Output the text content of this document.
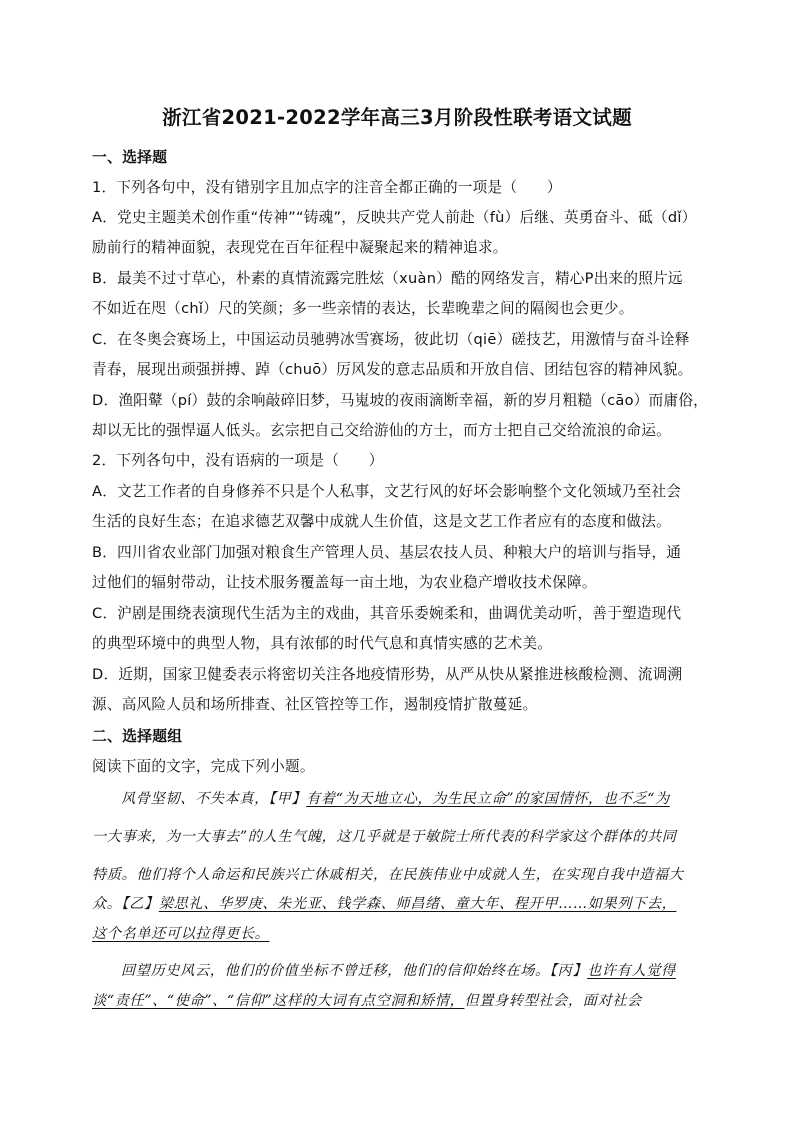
浙江省2021-2022学年高三3月阶段性联考语文试题
一、选择题
1．下列各句中，没有错别字且加点字的注音全都正确的一项是（　　）
A．党史主题美术创作重“传神”“铸魂”，反映共产党人前赴（fù）后继、英勇奋斗、砥（dǐ）
励前行的精神面貌，表现党在百年征程中凝聚起来的精神追求。
B．最美不过寸草心，朴素的真情流露完胜炫（xuàn）酷的网络发言，精心P出来的照片远
不如近在咫（chǐ）尺的笑颜；多一些亲情的表达，长辈晚辈之间的隔阂也会更少。
C．在冬奥会赛场上，中国运动员驰骋冰雪赛场，彼此切（qiē）磋技艺，用激情与奋斗诠释
青春，展现出顽强拼搏、踔（chuō）厉风发的意志品质和开放自信、团结包容的精神风貌。
D．渔阳鼙（pí）鼓的余响敲碎旧梦，马嵬坡的夜雨滴断幸福，新的岁月粗糙（cāo）而庸俗，
却以无比的强悍逼人低头。玄宗把自己交给游仙的方士，而方士把自己交给流浪的命运。
2．下列各句中，没有语病的一项是（　　）
A．文艺工作者的自身修养不只是个人私事，文艺行风的好坏会影响整个文化领域乃至社会
生活的良好生态；在追求德艺双馨中成就人生价值，这是文艺工作者应有的态度和做法。
B．四川省农业部门加强对粮食生产管理人员、基层农技人员、种粮大户的培训与指导，通
过他们的辐射带动，让技术服务覆盖每一亩土地，为农业稳产增收技术保障。
C．沪剧是围绕表演现代生活为主的戏曲，其音乐委婉柔和，曲调优美动听，善于塑造现代
的典型环境中的典型人物，具有浓郁的时代气息和真情实感的艺术美。
D．近期，国家卫健委表示将密切关注各地疫情形势，从严从快从紧推进核酸检测、流调溯
源、高风险人员和场所排查、社区管控等工作，遏制疫情扩散蔓延。
二、选择题组
阅读下面的文字，完成下列小题。
风骨坚韧、不失本真，【甲】有着“为天地立心，为生民立命”的家国情怀，也不乏“为
一大事来，为一大事去”的人生气魄，这几乎就是于敏院士所代表的科学家这个群体的共同
特质。他们将个人命运和民族兴亡休戚相关，在民族伟业中成就人生，在实现自我中造福大
众。【乙】梁思礼、华罗庚、朱光亚、钱学森、师昌绪、童大年、程开甲……如果列下去，
这个名单还可以拉得更长。
回望历史风云，他们的价值坐标不曾迁移，他们的信仰始终在场。【丙】也许有人觉得
谈“责任”、“使命”、“信仰”这样的大词有点空洞和矫情，但置身转型社会，面对社会
